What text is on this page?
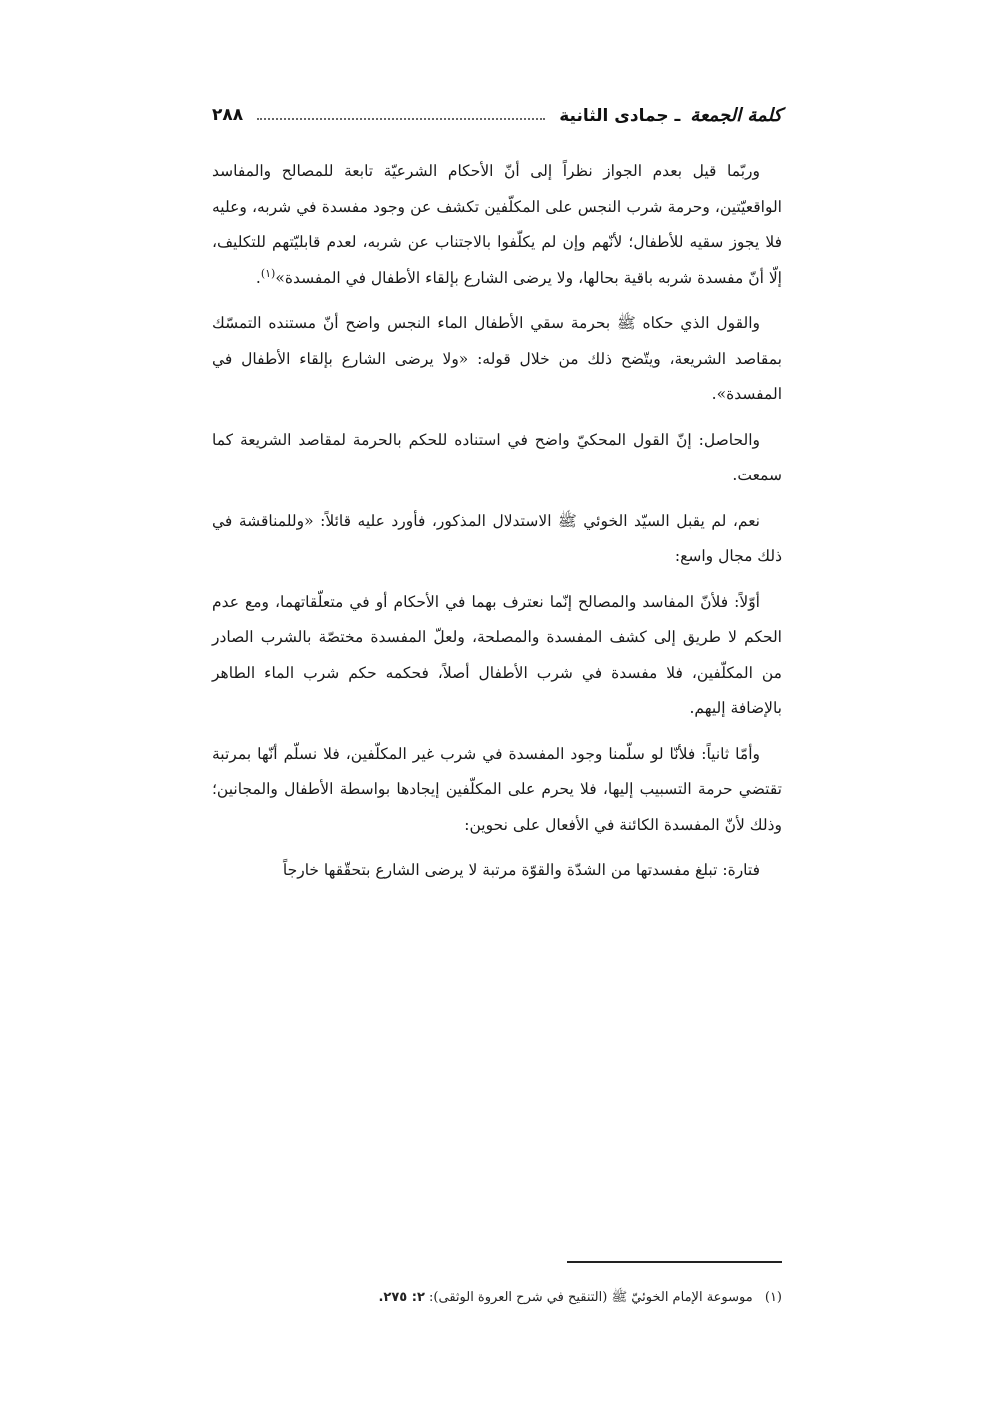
٢٨٨	كلمة الجمعة ـ جمادى الثانية

وربّما قيل بعدم الجواز نظراً إلى أنّ الأحكام الشرعيّة تابعة للمصالح والمفاسد الواقعيّتين، وحرمة شرب النجس على المكلّفين تكشف عن وجود مفسدة في شربه، وعليه فلا يجوز سقيه للأطفال؛ لأنّهم وإن لم يكلّفوا بالاجتناب عن شربه، لعدم قابليّتهم للتكليف، إلّا أنّ مفسدة شربه باقية بحالها، ولا يرضى الشارع بإلقاء الأطفال في المفسدة»$^{(١)}$.

والقول الذي حكاه ﷺ بحرمة سقي الأطفال الماء النجس واضح أنّ مستنده التمسّك بمقاصد الشريعة، ويتّضح ذلك من خلال قوله: «ولا يرضى الشارع بإلقاء الأطفال في المفسدة».

والحاصل: إنّ القول المحكيّ واضح في استناده للحكم بالحرمة لمقاصد الشريعة كما سمعت.

نعم، لم يقبل السيّد الخوئي ﷺ الاستدلال المذكور، فأورد عليه قائلاً: «وللمناقشة في ذلك مجال واسع:

أوّلاً: فلأنّ المفاسد والمصالح إنّما نعترف بهما في الأحكام أو في متعلّقاتهما، ومع عدم الحكم لا طريق إلى كشف المفسدة والمصلحة، ولعلّ المفسدة مختصّة بالشرب الصادر من المكلّفين، فلا مفسدة في شرب الأطفال أصلاً، فحكمه حكم شرب الماء الطاهر بالإضافة إليهم.

وأمّا ثانياً: فلأنّا لو سلّمنا وجود المفسدة في شرب غير المكلّفين، فلا نسلّم أنّها بمرتبة تقتضي حرمة التسبيب إليها، فلا يحرم على المكلّفين إيجادها بواسطة الأطفال والمجانين؛ وذلك لأنّ المفسدة الكائنة في الأفعال على نحوين:

فتارة: تبلغ مفسدتها من الشدّة والقوّة مرتبة لا يرضى الشارع بتحقّقها خارجاً

(١) موسوعة الإمام الخوئيّ ﷺ (التنقيح في شرح العروة الوثقى): ٢: ٢٧٥.
